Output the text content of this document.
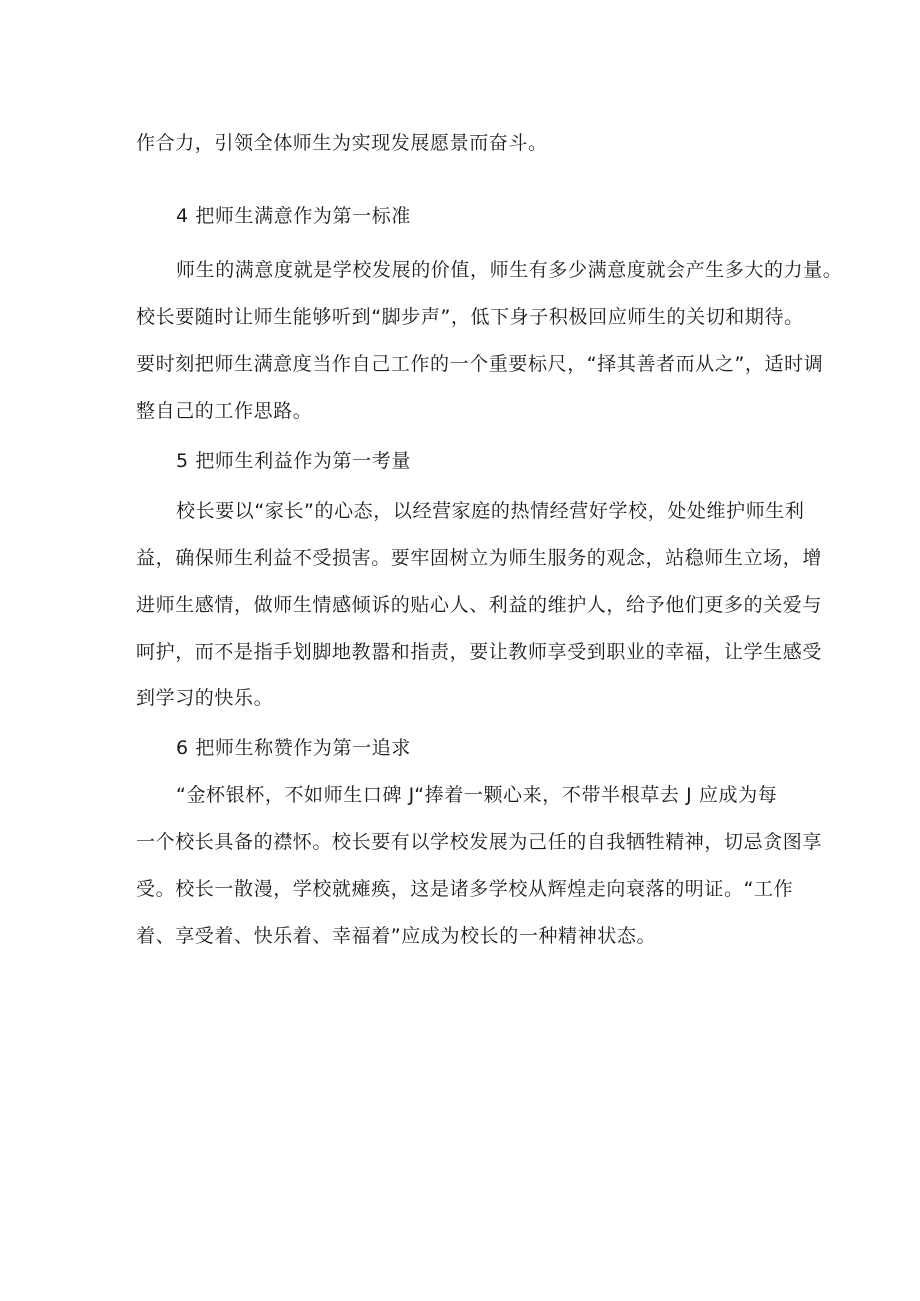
作合力，引领全体师生为实现发展愿景而奋斗。

4 把师生满意作为第一标准

师生的满意度就是学校发展的价值，师生有多少满意度就会产生多大的力量。

校长要随时让师生能够听到“脚步声”，低下身子积极回应师生的关切和期待。

要时刻把师生满意度当作自己工作的一个重要标尺，“择其善者而从之”，适时调

整自己的工作思路。

5 把师生利益作为第一考量

校长要以“家长”的心态，以经营家庭的热情经营好学校，处处维护师生利

益，确保师生利益不受损害。要牢固树立为师生服务的观念，站稳师生立场，增

进师生感情，做师生情感倾诉的贴心人、利益的维护人，给予他们更多的关爱与

呵护，而不是指手划脚地教嚣和指责，要让教师享受到职业的幸福，让学生感受

到学习的快乐。

6 把师生称赞作为第一追求

“金杯银杯，不如师生口碑 J“捧着一颗心来，不带半根草去 J 应成为每

一个校长具备的襟怀。校长要有以学校发展为己任的自我牺牲精神，切忌贪图享

受。校长一散漫，学校就瘫痪，这是诸多学校从辉煌走向衰落的明证。“工作

着、享受着、快乐着、幸福着”应成为校长的一种精神状态。
